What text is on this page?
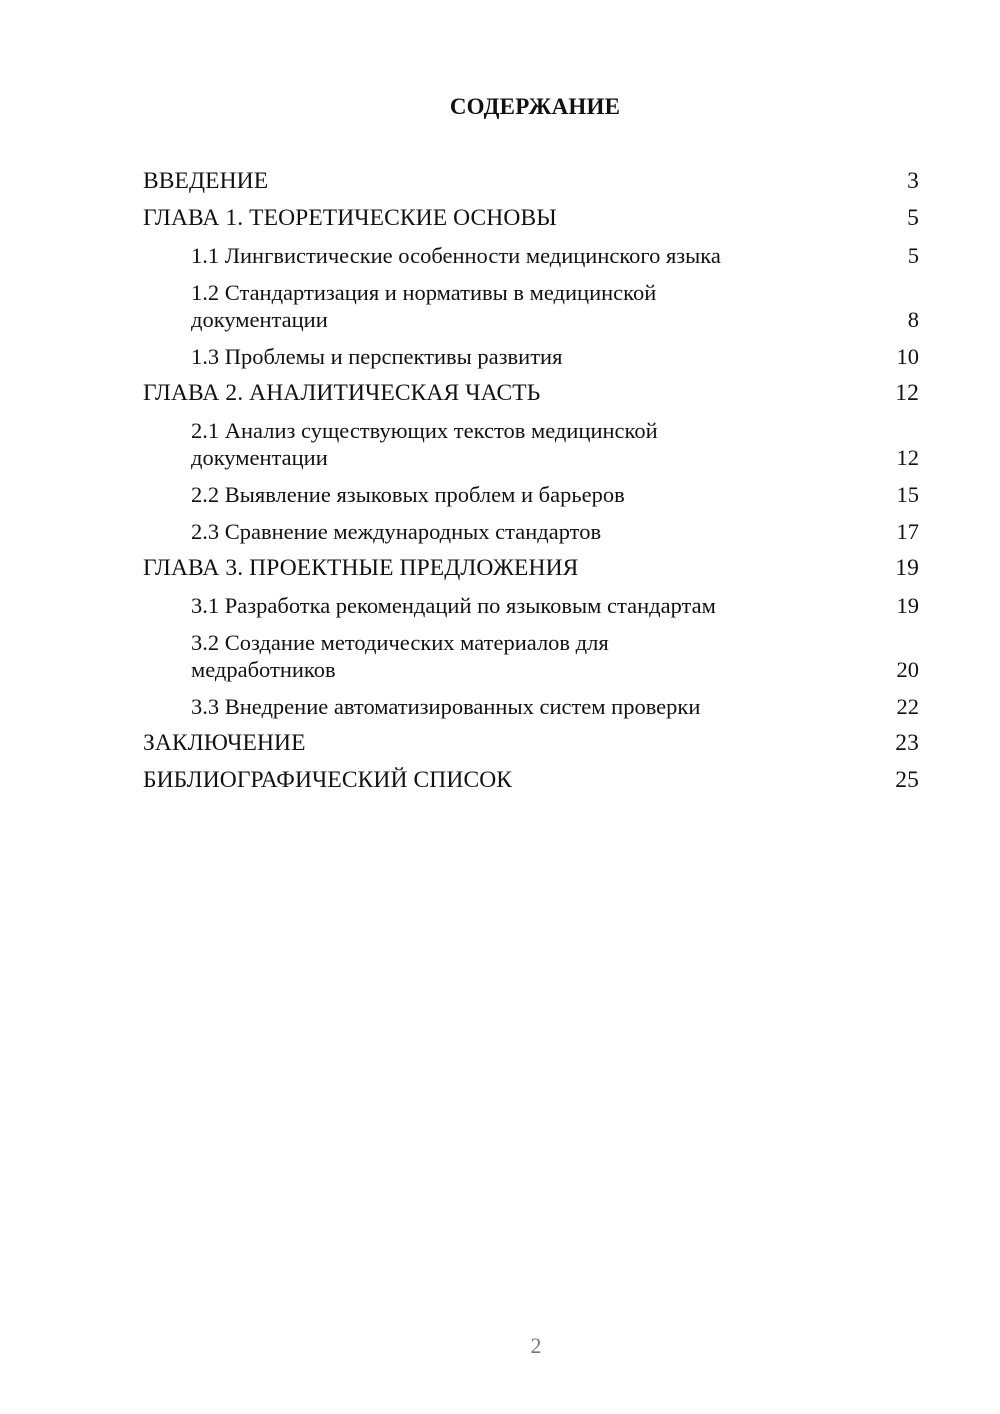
СОДЕРЖАНИЕ
ВВЕДЕНИЕ	3
ГЛАВА 1. ТЕОРЕТИЧЕСКИЕ ОСНОВЫ	5
1.1 Лингвистические особенности медицинского языка	5
1.2 Стандартизация и нормативы в медицинской документации	8
1.3 Проблемы и перспективы развития	10
ГЛАВА 2. АНАЛИТИЧЕСКАЯ ЧАСТЬ	12
2.1 Анализ существующих текстов медицинской документации	12
2.2 Выявление языковых проблем и барьеров	15
2.3 Сравнение международных стандартов	17
ГЛАВА 3. ПРОЕКТНЫЕ ПРЕДЛОЖЕНИЯ	19
3.1 Разработка рекомендаций по языковым стандартам	19
3.2 Создание методических материалов для медработников	20
3.3 Внедрение автоматизированных систем проверки	22
ЗАКЛЮЧЕНИЕ	23
БИБЛИОГРАФИЧЕСКИЙ СПИСОК	25
2
